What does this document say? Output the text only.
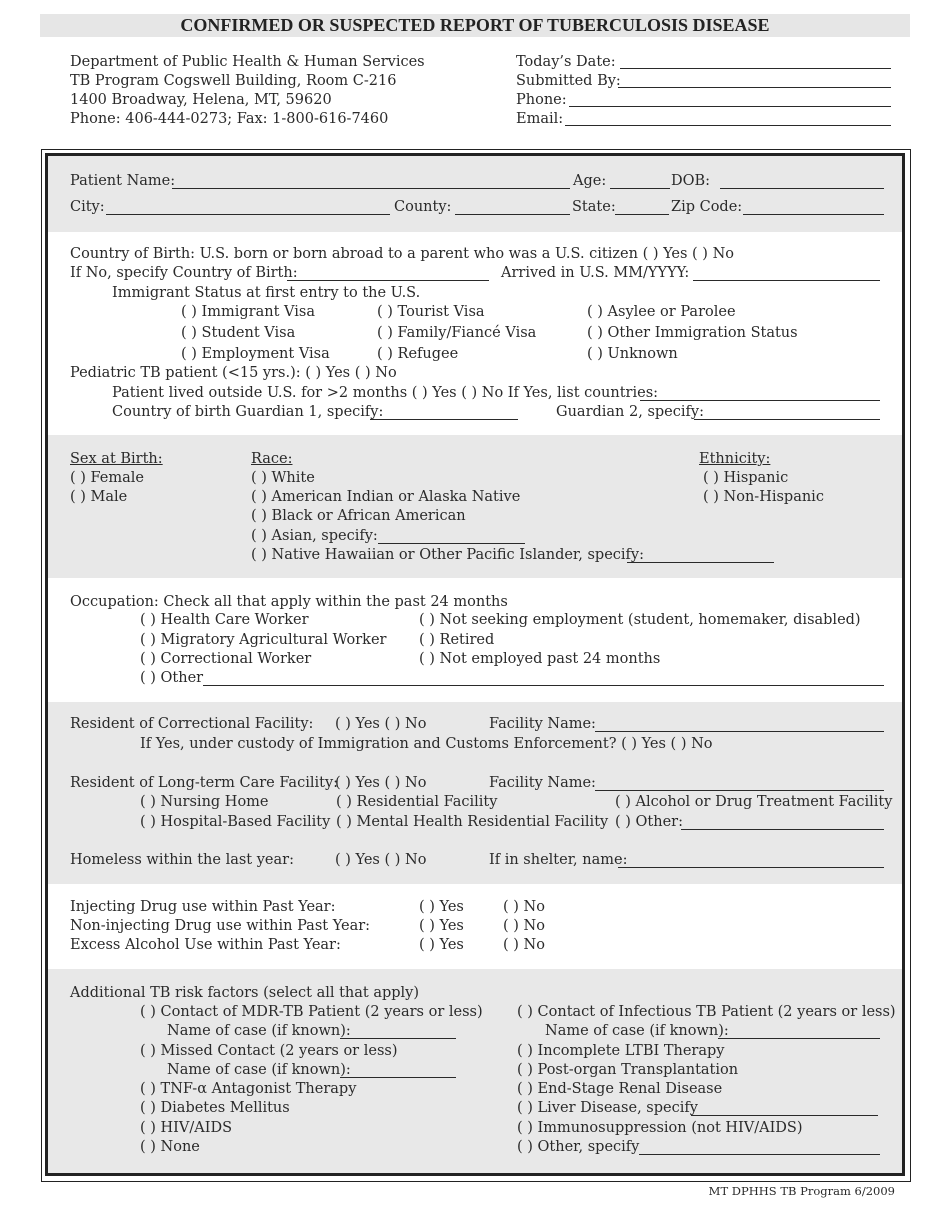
CONFIRMED OR SUSPECTED REPORT OF TUBERCULOSIS DISEASE
Department of Public Health & Human Services
TB Program Cogswell Building, Room C-216
1400 Broadway, Helena, MT, 59620
Phone: 406-444-0273; Fax: 1-800-616-7460
Today’s Date:
Submitted By:
Phone:
Email:
Patient Name:	Age:	DOB:
City:	County:	State:	Zip Code:
Country of Birth: U.S. born or born abroad to a parent who was a U.S. citizen ( ) Yes ( ) No
If No, specify Country of Birth:	Arrived in U.S. MM/YYYY:
Immigrant Status at first entry to the U.S.
( ) Immigrant Visa	( ) Tourist Visa	( ) Asylee or Parolee
( ) Student Visa	( ) Family/Fiancé Visa	( ) Other Immigration Status
( ) Employment Visa	( ) Refugee	( ) Unknown
Pediatric TB patient (<15 yrs.): ( ) Yes ( ) No
Patient lived outside U.S. for >2 months ( ) Yes ( ) No If Yes, list countries:
Country of birth Guardian 1, specify:	Guardian 2, specify:
Sex at Birth:
( ) Female
( ) Male
Race:
( ) White
( ) American Indian or Alaska Native
( ) Black or African American
( ) Asian, specify:
( ) Native Hawaiian or Other Pacific Islander, specify:
Ethnicity:
( ) Hispanic
( ) Non-Hispanic
Occupation: Check all that apply within the past 24 months
( ) Health Care Worker	( ) Not seeking employment (student, homemaker, disabled)
( ) Migratory Agricultural Worker ( ) Retired
( ) Correctional Worker	( ) Not employed past 24 months
( ) Other
Resident of Correctional Facility: ( ) Yes ( ) No	Facility Name:
If Yes, under custody of Immigration and Customs Enforcement? ( ) Yes ( ) No
Resident of Long-term Care Facility:
( ) Yes ( ) No	Facility Name:
( ) Nursing Home	( ) Residential Facility	( ) Alcohol or Drug Treatment Facility
( ) Hospital-Based Facility ( ) Mental Health Residential Facility ( ) Other:
Homeless within the last year:	( ) Yes ( ) No	If in shelter, name:
Injecting Drug use within Past Year:	( ) Yes	( ) No
Non-injecting Drug use within Past Year:	( ) Yes	( ) No
Excess Alcohol Use within Past Year:	( ) Yes	( ) No
Additional TB risk factors (select all that apply)
( ) Contact of MDR-TB Patient (2 years or less)
Name of case (if known):
( ) Missed Contact (2 years or less)
Name of case (if known):
( ) TNF-α Antagonist Therapy
( ) Diabetes Mellitus
( ) HIV/AIDS
( ) None
( ) Contact of Infectious TB Patient (2 years or less)
Name of case (if known):
( ) Incomplete LTBI Therapy
( ) Post-organ Transplantation
( ) End-Stage Renal Disease
( ) Liver Disease, specify
( ) Immunosuppression (not HIV/AIDS)
( ) Other, specify
MT DPHHS TB Program 6/2009
